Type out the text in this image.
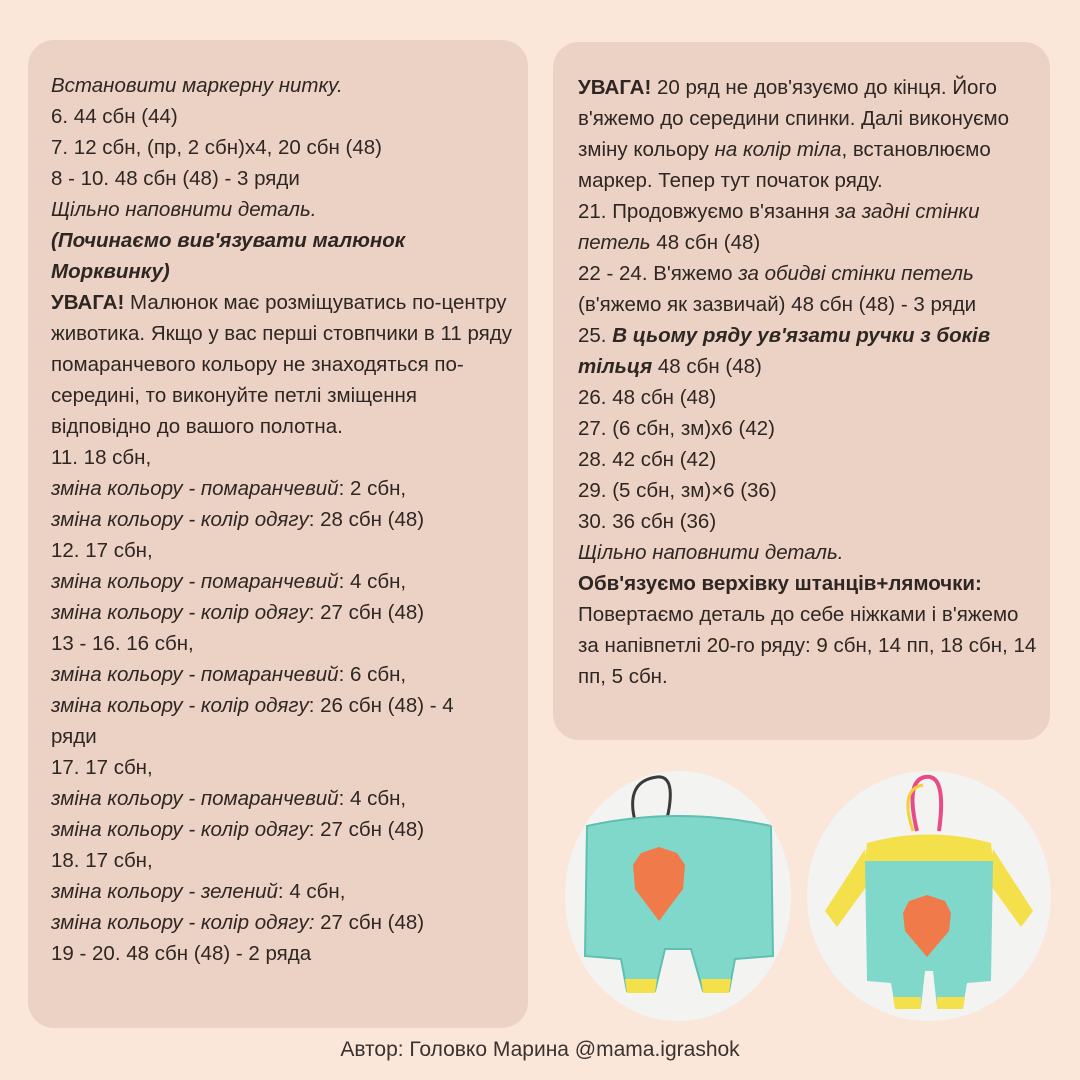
Встановити маркерну нитку.
6. 44 сбн (44)
7. 12 сбн, (пр, 2 сбн)х4, 20 сбн (48)
8 - 10. 48 сбн (48) - 3 ряди
Щільно наповнити деталь.
(Починаємо вив'язувати малюнок
Морквинку)
УВАГА! Малюнок має розміщуватись по-центру животика. Якщо у вас перші стовпчики в 11 ряду помаранчевого кольору не знаходяться по-середині, то виконуйте петлі зміщення відповідно до вашого полотна.
11. 18 сбн,
зміна кольору - помаранчевий: 2 сбн,
зміна кольору - колір одягу: 28 сбн (48)
12. 17 сбн,
зміна кольору - помаранчевий: 4 сбн,
зміна кольору - колір одягу: 27 сбн (48)
13 - 16. 16 сбн,
зміна кольору - помаранчевий: 6 сбн,
зміна кольору - колір одягу: 26 сбн (48) - 4
ряди
17. 17 сбн,
зміна кольору - помаранчевий: 4 сбн,
зміна кольору - колір одягу: 27 сбн (48)
18. 17 сбн,
зміна кольору - зелений: 4 сбн,
зміна кольору - колір одягу: 27 сбн (48)
19 - 20. 48 сбн (48) - 2 ряда
УВАГА! 20 ряд не дов'язуємо до кінця. Його в'яжемо до середини спинки. Далі виконуємо зміну кольору на колір тіла, встановлюємо маркер. Тепер тут початок ряду.
21. Продовжуємо в'язання за задні стінки петель 48 сбн (48)
22 - 24. В'яжемо за обидві стінки петель
(в'яжемо як зазвичай) 48 сбн (48) - 3 ряди
25. В цьому ряду ув'язати ручки з боків тільця 48 сбн (48)
26. 48 сбн (48)
27. (6 сбн, зм)х6 (42)
28. 42 сбн (42)
29. (5 сбн, зм)×6 (36)
30. 36 сбн (36)
Щільно наповнити деталь.
Обв'язуємо верхівку штанців+лямочки:
Повертаємо деталь до себе ніжками і в'яжемо за напівпетлі 20-го ряду: 9 сбн, 14 пп, 18 сбн, 14 пп, 5 сбн.
Автор: Головко Марина @mama.igrashok
